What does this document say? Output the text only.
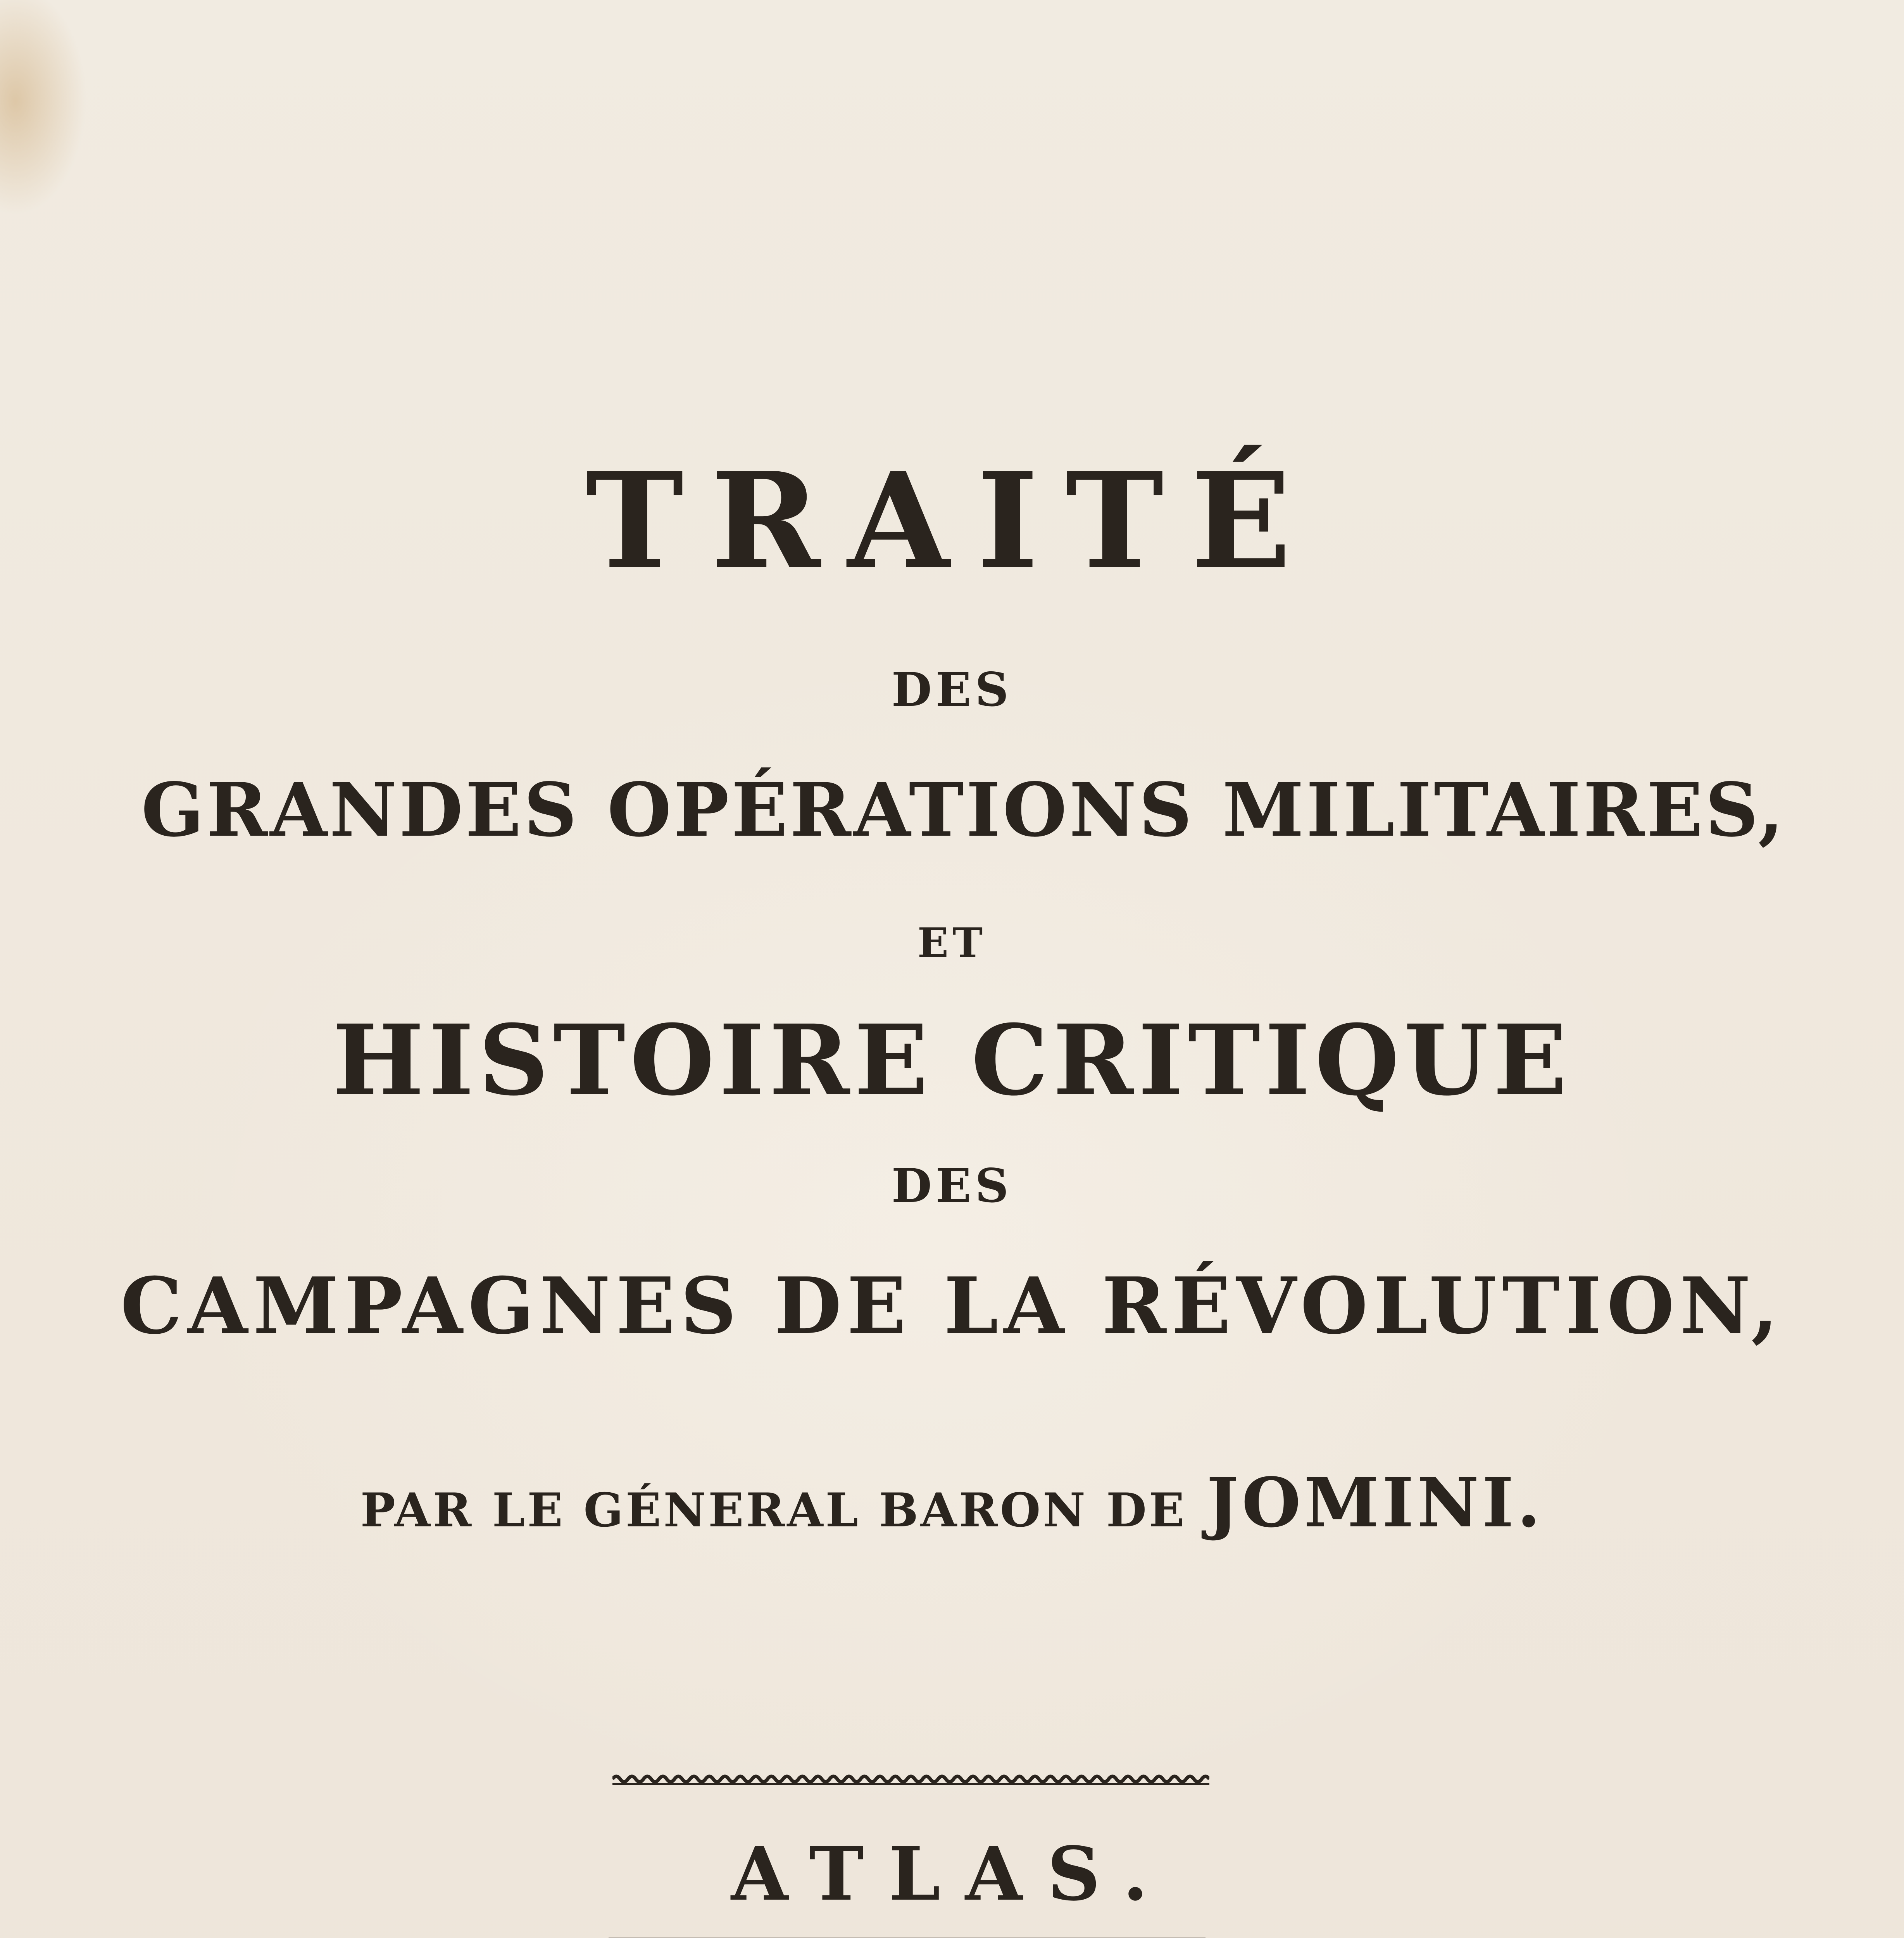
TRAITÉ

DES

GRANDES OPÉRATIONS MILITAIRES,

ET

HISTOIRE CRITIQUE

DES

CAMPAGNES DE LA RÉVOLUTION,

PAR LE GÉNERAL BARON DE JOMINI.

ATLAS.
